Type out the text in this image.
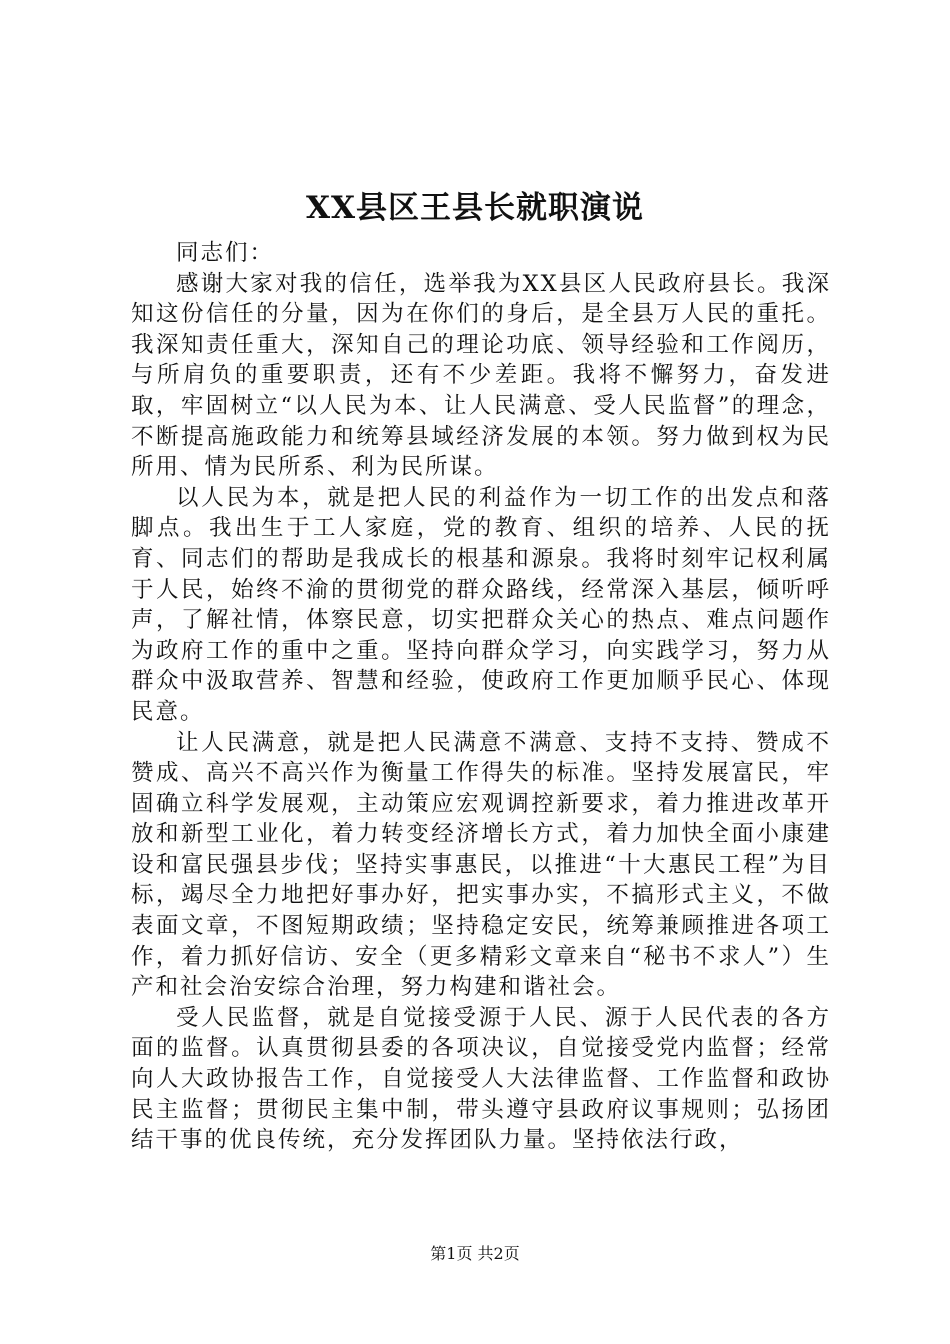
XX县区王县长就职演说

同志们：

感谢大家对我的信任，选举我为XX县区人民政府县长。我深知这份信任的分量，因为在你们的身后，是全县万人民的重托。我深知责任重大，深知自己的理论功底、领导经验和工作阅历，与所肩负的重要职责，还有不少差距。我将不懈努力，奋发进取，牢固树立“以人民为本、让人民满意、受人民监督”的理念，不断提高施政能力和统筹县域经济发展的本领。努力做到权为民所用、情为民所系、利为民所谋。

以人民为本，就是把人民的利益作为一切工作的出发点和落脚点。我出生于工人家庭，党的教育、组织的培养、人民的抚育、同志们的帮助是我成长的根基和源泉。我将时刻牢记权利属于人民，始终不渝的贯彻党的群众路线，经常深入基层，倾听呼声，了解社情，体察民意，切实把群众关心的热点、难点问题作为政府工作的重中之重。坚持向群众学习，向实践学习，努力从群众中汲取营养、智慧和经验，使政府工作更加顺乎民心、体现民意。

让人民满意，就是把人民满意不满意、支持不支持、赞成不赞成、高兴不高兴作为衡量工作得失的标准。坚持发展富民，牢固确立科学发展观，主动策应宏观调控新要求，着力推进改革开放和新型工业化，着力转变经济增长方式，着力加快全面小康建设和富民强县步伐；坚持实事惠民，以推进“十大惠民工程”为目标，竭尽全力地把好事办好，把实事办实，不搞形式主义，不做表面文章，不图短期政绩；坚持稳定安民，统筹兼顾推进各项工作，着力抓好信访、安全（更多精彩文章来自“秘书不求人”）生产和社会治安综合治理，努力构建和谐社会。

受人民监督，就是自觉接受源于人民、源于人民代表的各方面的监督。认真贯彻县委的各项决议，自觉接受党内监督；经常向人大政协报告工作，自觉接受人大法律监督、工作监督和政协民主监督；贯彻民主集中制，带头遵守县政府议事规则；弘扬团结干事的优良传统，充分发挥团队力量。坚持依法行政，

第1页 共2页
